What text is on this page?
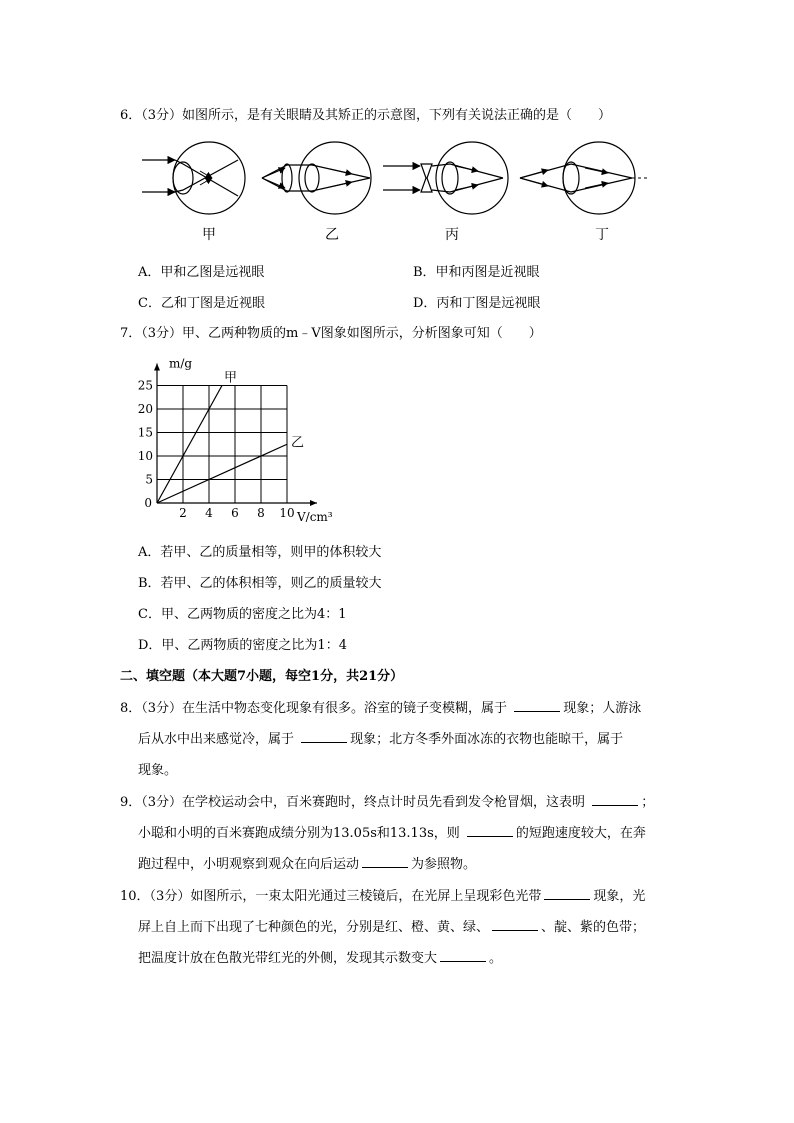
6．（3分）如图所示，是有关眼睛及其矫正的示意图，下列有关说法正确的是（　　）
甲	乙	丙	丁
A．甲和乙图是远视眼	B．甲和丙图是近视眼
C．乙和丁图是近视眼	D．丙和丁图是远视眼
7．（3分）甲、乙两种物质的m﹣V图象如图所示，分析图象可知（　　）
2 4 6 8 10
5
10
15
20
25
0
甲
乙
m/g
V/cm³
A．若甲、乙的质量相等，则甲的体积较大
B．若甲、乙的体积相等，则乙的质量较大
C．甲、乙两物质的密度之比为4：1
D．甲、乙两物质的密度之比为1：4
二、填空题（本大题7小题，每空1分，共21分）
8．（3分）在生活中物态变化现象有很多。浴室的镜子变模糊，属于	现象；人游泳
后从水中出来感觉冷，属于	现象；北方冬季外面冰冻的衣物也能晾干，属于
现象。
9．（3分）在学校运动会中，百米赛跑时，终点计时员先看到发令枪冒烟，这表明	；
小聪和小明的百米赛跑成绩分别为13.05s和13.13s，则	的短跑速度较大，在奔
跑过程中，小明观察到观众在向后运动	为参照物。
10．（3分）如图所示，一束太阳光通过三棱镜后，在光屏上呈现彩色光带	现象，光
屏上自上而下出现了七种颜色的光，分别是红、橙、黄、绿、	、靛、紫的色带；
把温度计放在色散光带红光的外侧，发现其示数变大	。
